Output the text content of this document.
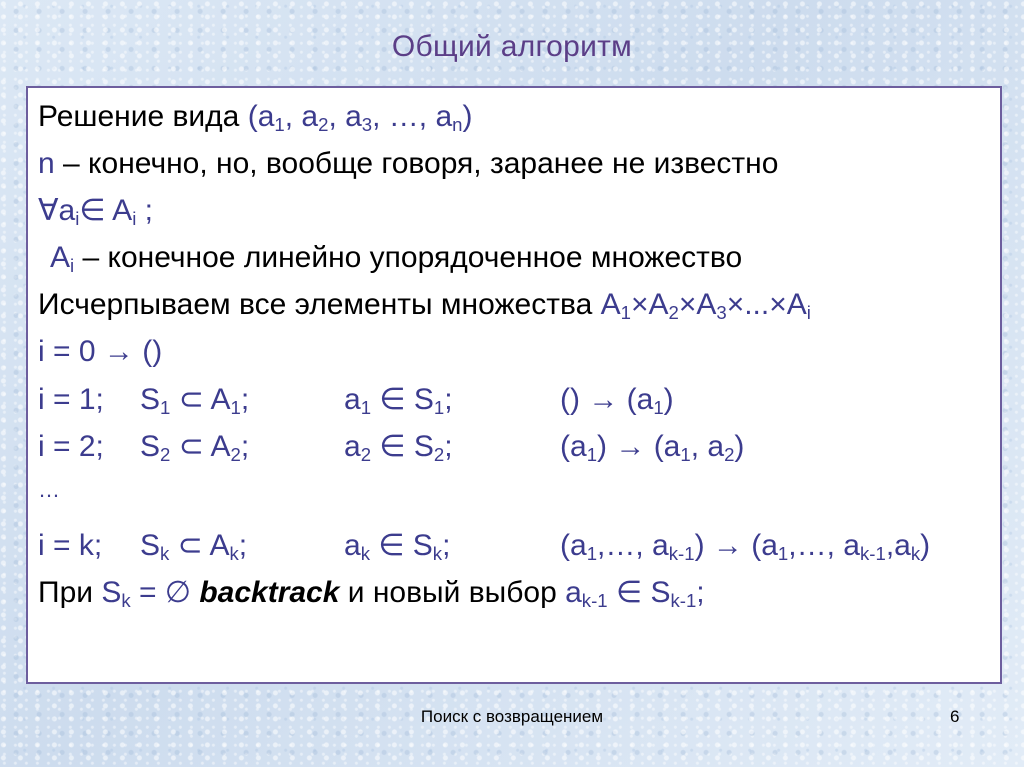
Общий алгоритм
Решение вида ($a_1$, $a_2$, $a_3$, …, $a_n$)
n – конечно, но, вообще говоря, заранее не известно
$\forall a_i\in$ $A_i$ ;
$A_i$ – конечное линейно упорядоченное множество
Исчерпываем все элементы множества $A_1\times A_2\times A_3\times...\times A_i$
i = 0 → ()
i = 1; $S_1$ ⊂ $A_1$;	$a_1$ ∈ $S_1$;	() → $(a_1)$
i = 2; $S_2$ ⊂ $A_2$;	$a_2$ ∈ $S_2$;	$(a_1) \to (a_1$, $a_2$)
…
i = k; $S_k$ ⊂ $A_k$;	$a_k$ ∈ $S_k$;	($a_1,\dots$, $a_{k-1}$) → ($a_1,\dots$, $a_{k-1},a_k$)
При $S_k$ = ∅ backtrack и новый выбор $a_{k-1}$ ∈ $S_{k-1}$;
Поиск с возвращением	6
